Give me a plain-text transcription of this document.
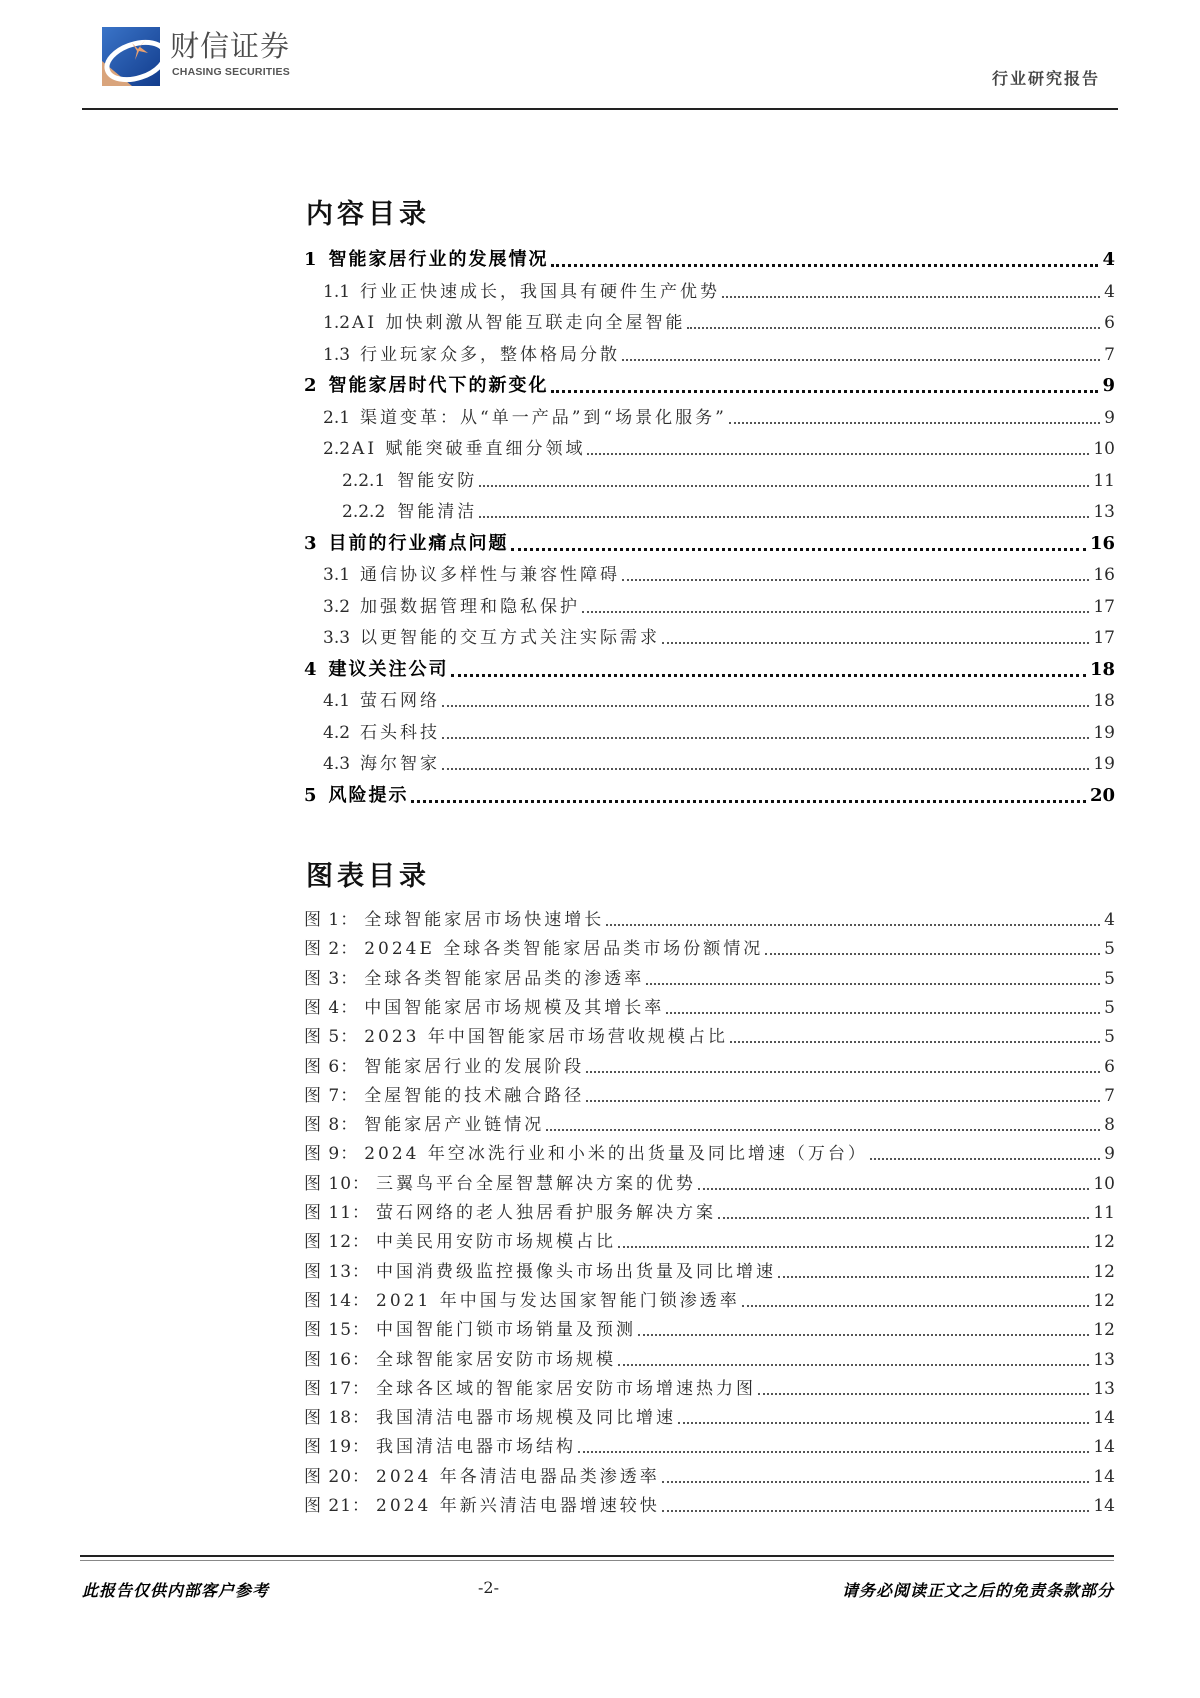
财信证券
CHASING SECURITIES	行业研究报告
内容目录
1 智能家居行业的发展情况	4
1.1 行业正快速成长，我国具有硬件生产优势	4
1.2 AI 加快刺激从智能互联走向全屋智能	6
1.3 行业玩家众多，整体格局分散	7
2 智能家居时代下的新变化	9
2.1 渠道变革：从“单一产品”到“场景化服务”	9
2.2 AI 赋能突破垂直细分领域	10
2.2.1 智能安防	11
2.2.2 智能清洁	13
3 目前的行业痛点问题	16
3.1 通信协议多样性与兼容性障碍	16
3.2 加强数据管理和隐私保护	17
3.3 以更智能的交互方式关注实际需求	17
4 建议关注公司	18
4.1 萤石网络	18
4.2 石头科技	19
4.3 海尔智家	19
5 风险提示	20
图表目录
图 1： 全球智能家居市场快速增长	4
图 2： 2024E 全球各类智能家居品类市场份额情况	5
图 3： 全球各类智能家居品类的渗透率	5
图 4： 中国智能家居市场规模及其增长率	5
图 5： 2023 年中国智能家居市场营收规模占比	5
图 6： 智能家居行业的发展阶段	6
图 7： 全屋智能的技术融合路径	7
图 8： 智能家居产业链情况	8
图 9： 2024 年空冰洗行业和小米的出货量及同比增速（万台）	9
图 10： 三翼鸟平台全屋智慧解决方案的优势	10
图 11： 萤石网络的老人独居看护服务解决方案	11
图 12： 中美民用安防市场规模占比	12
图 13： 中国消费级监控摄像头市场出货量及同比增速	12
图 14： 2021 年中国与发达国家智能门锁渗透率	12
图 15： 中国智能门锁市场销量及预测	12
图 16： 全球智能家居安防市场规模	13
图 17： 全球各区域的智能家居安防市场增速热力图	13
图 18： 我国清洁电器市场规模及同比增速	14
图 19： 我国清洁电器市场结构	14
图 20： 2024 年各清洁电器品类渗透率	14
图 21： 2024 年新兴清洁电器增速较快	14
此报告仅供内部客户参考	-2-	请务必阅读正文之后的免责条款部分
